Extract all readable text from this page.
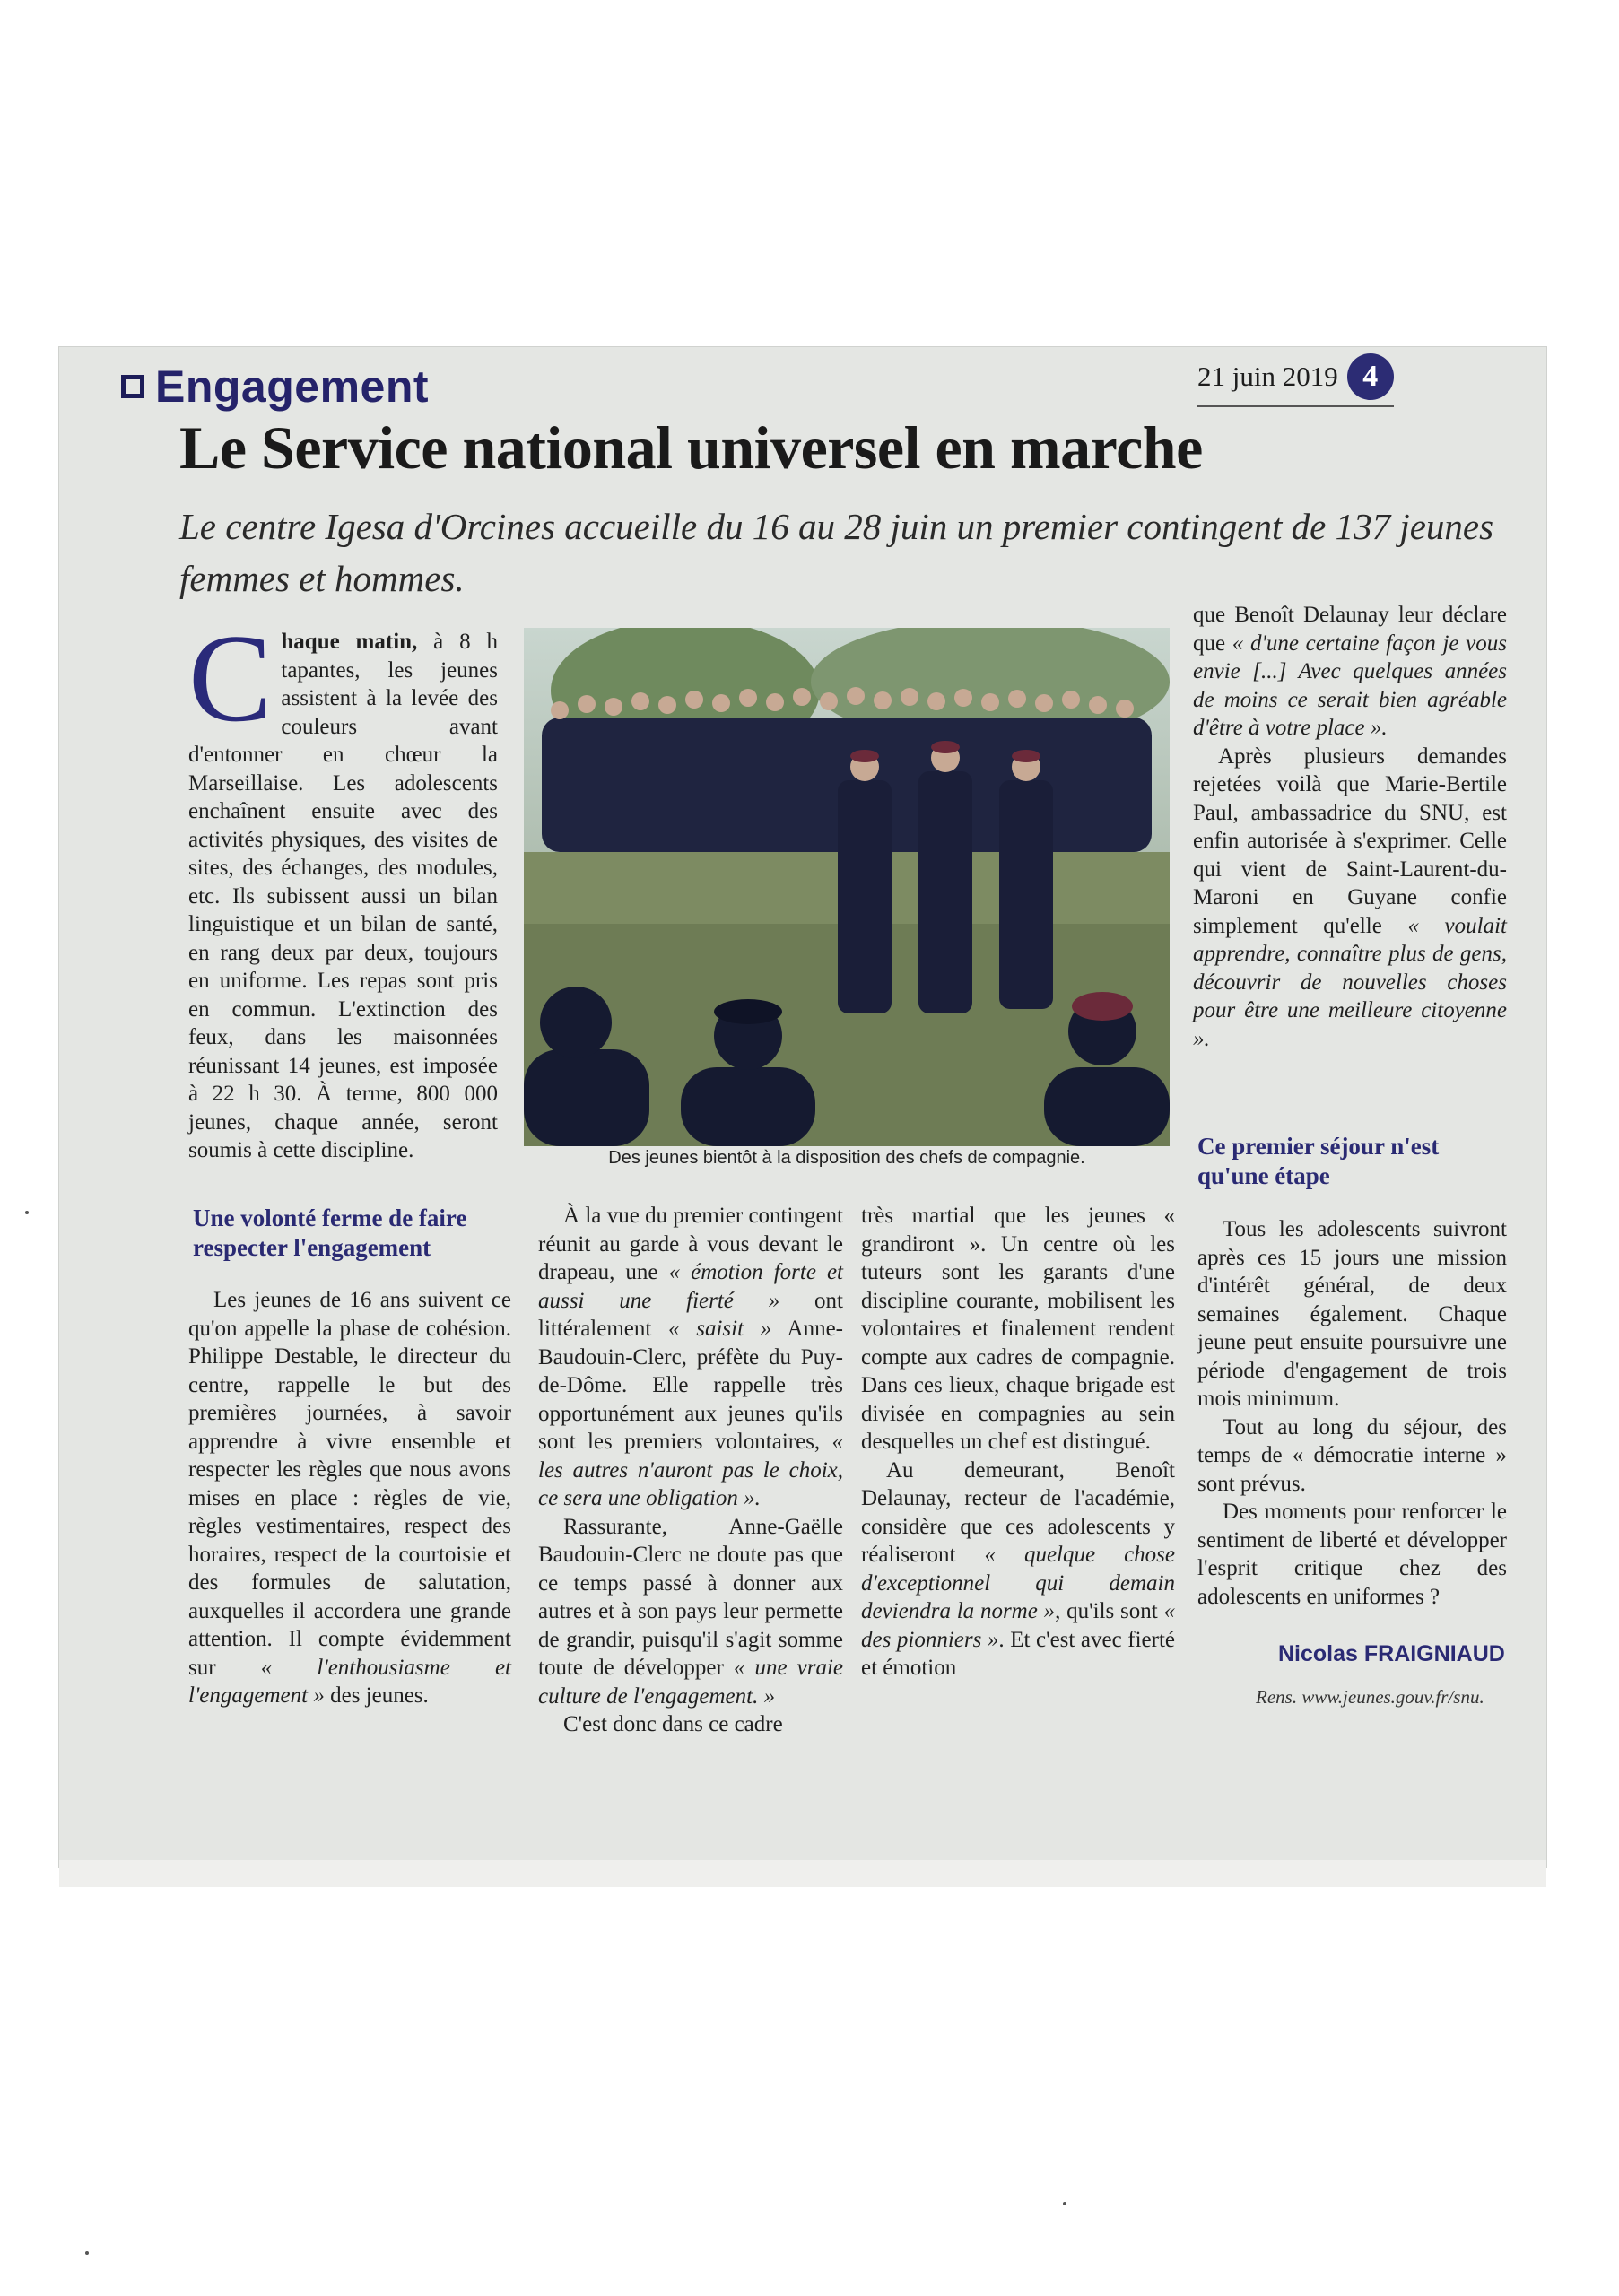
Engagement	21 juin 2019 4
Le Service national universel en marche
Le centre Igesa d'Orcines accueille du 16 au 28 juin un premier contingent de 137 jeunes femmes et hommes.
C haque matin, à 8 h tapantes, les jeunes assistent à la levée des couleurs avant d'entonner en chœur la Marseillaise. Les adolescents enchaînent ensuite avec des activités physiques, des visites de sites, des échanges, des modules, etc. Ils subissent aussi un bilan linguistique et un bilan de santé, en rang deux par deux, toujours en uniforme. Les repas sont pris en commun. L'extinction des feux, dans les maisonnées réunissant 14 jeunes, est imposée à 22 h 30. À terme, 800 000 jeunes, chaque année, seront soumis à cette discipline.	Des jeunes bientôt à la disposition des chefs de compagnie.

que Benoît Delaunay leur déclare que « d'une certaine façon je vous envie [...] Avec quelques années de moins ce serait bien agréable d'être à votre place ».

Après plusieurs demandes rejetées voilà que Marie-Bertile Paul, ambassadrice du SNU, est enfin autorisée à s'exprimer. Celle qui vient de Saint-Laurent-du-Maroni en Guyane confie simplement qu'elle « voulait apprendre, connaître plus de gens, découvrir de nouvelles choses pour être une meilleure citoyenne ».

Une volonté ferme de faire respecter l'engagement

Les jeunes de 16 ans suivent ce qu'on appelle la phase de cohésion. Philippe Destable, le directeur du centre, rappelle le but des premières journées, à savoir apprendre à vivre ensemble et respecter les règles que nous avons mises en place : règles de vie, règles vestimentaires, respect des horaires, respect de la courtoisie et des formules de salutation, auxquelles il accordera une grande attention. Il compte évidemment sur « l'enthousiasme et l'engagement » des jeunes.

À la vue du premier contingent réunit au garde à vous devant le drapeau, une « émotion forte et aussi une fierté » ont littéralement « saisit » Anne-Baudouin-Clerc, préfète du Puy-de-Dôme. Elle rappelle très opportunément aux jeunes qu'ils sont les premiers volontaires, « les autres n'auront pas le choix, ce sera une obligation ».

Rassurante, Anne-Gaëlle Baudouin-Clerc ne doute pas que ce temps passé à donner aux autres et à son pays leur permette de grandir, puisqu'il s'agit somme toute de développer « une vraie culture de l'engagement. »

C'est donc dans ce cadre

très martial que les jeunes « grandiront ». Un centre où les tuteurs sont les garants d'une discipline courante, mobilisent les volontaires et finalement rendent compte aux cadres de compagnie. Dans ces lieux, chaque brigade est divisée en compagnies au sein desquelles un chef est distingué.

Au demeurant, Benoît Delaunay, recteur de l'académie, considère que ces adolescents y réaliseront « quelque chose d'exceptionnel qui demain deviendra la norme », qu'ils sont « des pionniers ». Et c'est avec fierté et émotion

Ce premier séjour n'est qu'une étape

Tous les adolescents suivront après ces 15 jours une mission d'intérêt général, de deux semaines également. Chaque jeune peut ensuite poursuivre une période d'engagement de trois mois minimum.

Tout au long du séjour, des temps de « démocratie interne » sont prévus.

Des moments pour renforcer le sentiment de liberté et développer l'esprit critique chez des adolescents en uniformes ?

Nicolas FRAIGNIAUD
Rens. www.jeunes.gouv.fr/snu.
